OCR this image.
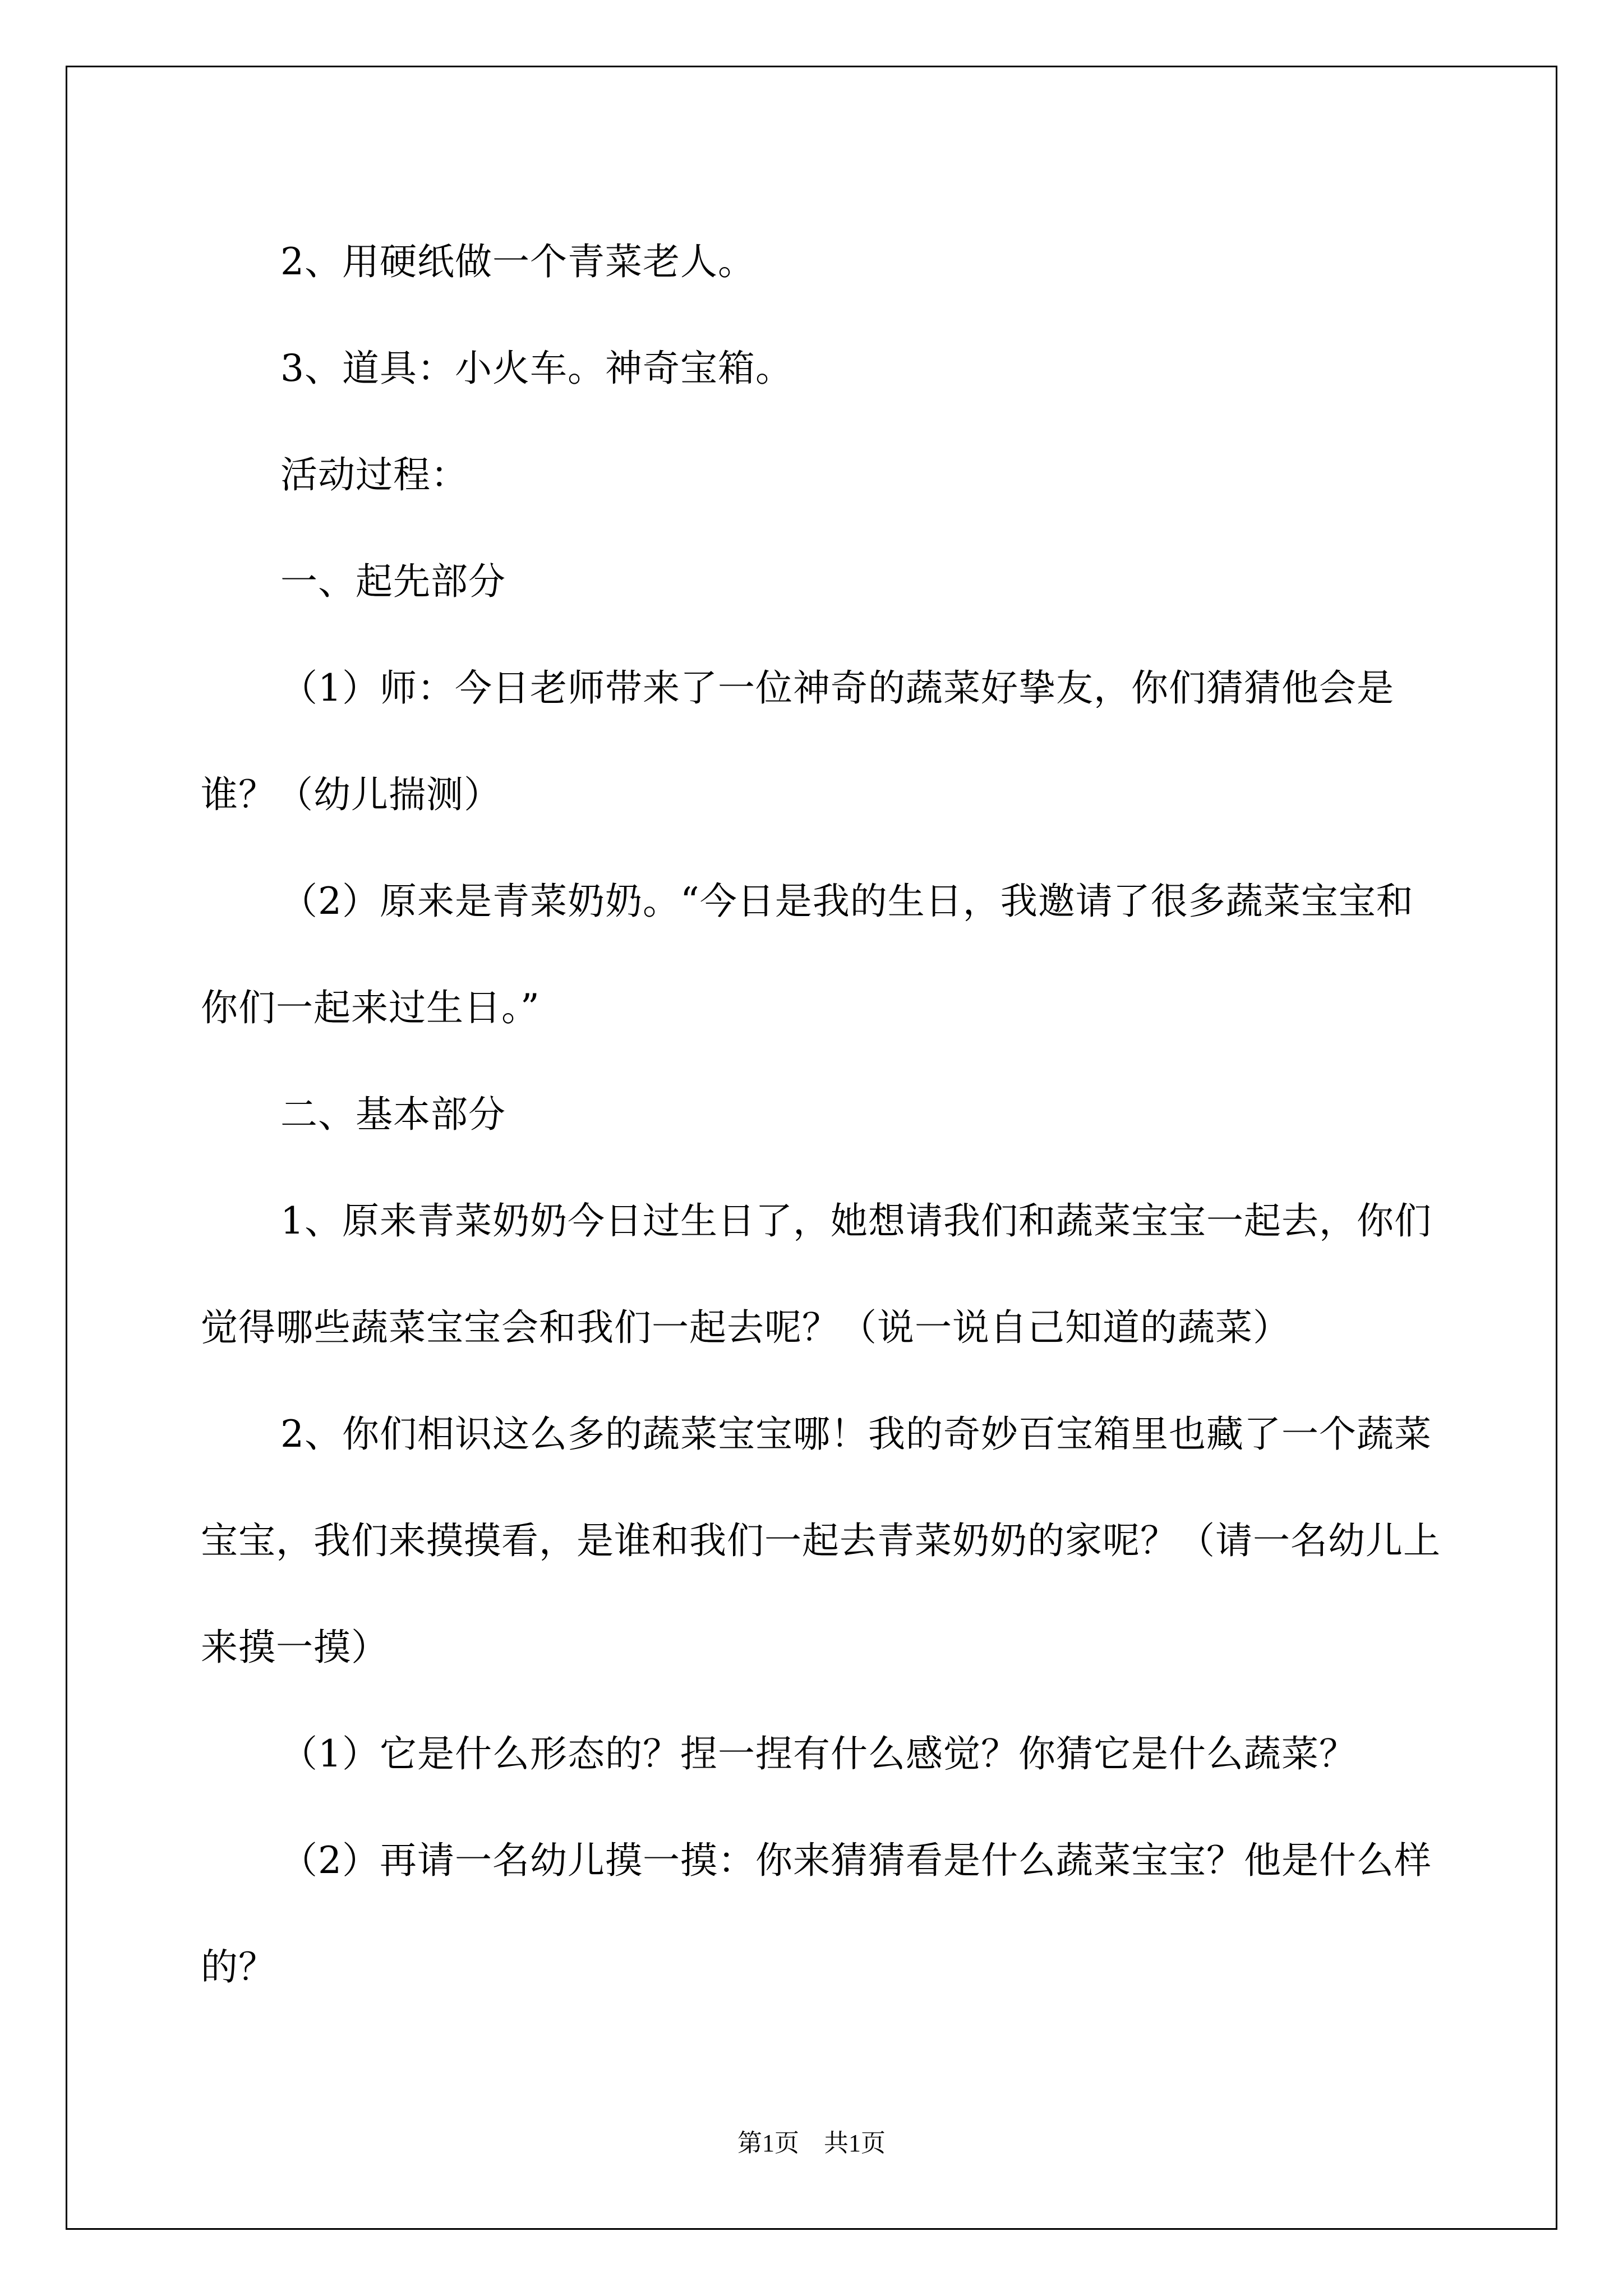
2、用硬纸做一个青菜老人。

3、道具：小火车。神奇宝箱。

活动过程：

一、起先部分

（1）师：今日老师带来了一位神奇的蔬菜好挚友，你们猜猜他会是谁？（幼儿揣测）

（2）原来是青菜奶奶。“今日是我的生日，我邀请了很多蔬菜宝宝和你们一起来过生日。”

二、基本部分

1、原来青菜奶奶今日过生日了，她想请我们和蔬菜宝宝一起去，你们觉得哪些蔬菜宝宝会和我们一起去呢？（说一说自己知道的蔬菜）

2、你们相识这么多的蔬菜宝宝哪！我的奇妙百宝箱里也藏了一个蔬菜宝宝，我们来摸摸看，是谁和我们一起去青菜奶奶的家呢？（请一名幼儿上来摸一摸）

（1）它是什么形态的？捏一捏有什么感觉？你猜它是什么蔬菜？

（2）再请一名幼儿摸一摸：你来猜猜看是什么蔬菜宝宝？他是什么样的？

第1页　共1页
